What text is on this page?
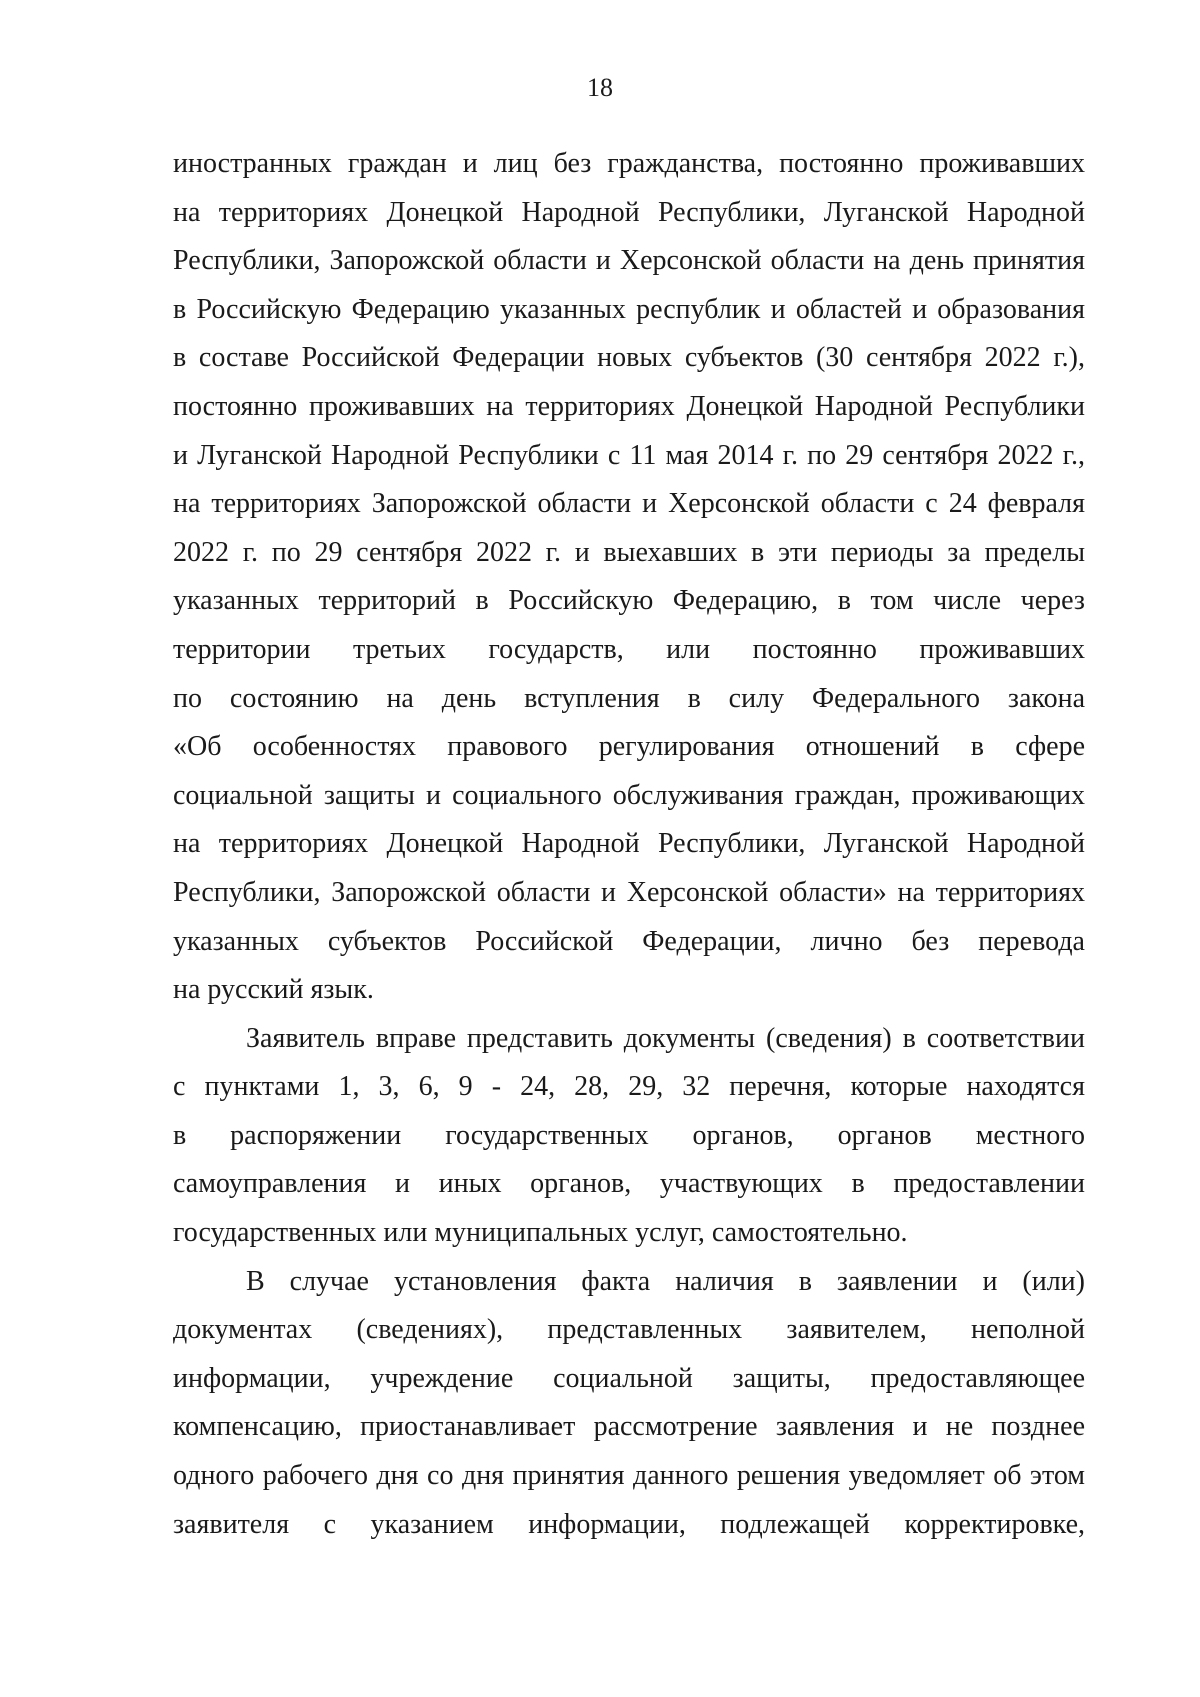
18
иностранных граждан и лиц без гражданства, постоянно проживавших
на территориях Донецкой Народной Республики, Луганской Народной
Республики, Запорожской области и Херсонской области на день принятия
в Российскую Федерацию указанных республик и областей и образования
в составе Российской Федерации новых субъектов (30 сентября 2022 г.),
постоянно проживавших на территориях Донецкой Народной Республики
и Луганской Народной Республики с 11 мая 2014 г. по 29 сентября 2022 г.,
на территориях Запорожской области и Херсонской области с 24 февраля
2022 г. по 29 сентября 2022 г. и выехавших в эти периоды за пределы
указанных территорий в Российскую Федерацию, в том числе через
территории третьих государств, или постоянно проживавших
по состоянию на день вступления в силу Федерального закона
«Об особенностях правового регулирования отношений в сфере
социальной защиты и социального обслуживания граждан, проживающих
на территориях Донецкой Народной Республики, Луганской Народной
Республики, Запорожской области и Херсонской области» на территориях
указанных субъектов Российской Федерации, лично без перевода
на русский язык.
Заявитель вправе представить документы (сведения) в соответствии
с пунктами 1, 3, 6, 9 - 24, 28, 29, 32 перечня, которые находятся
в распоряжении государственных органов, органов местного
самоуправления и иных органов, участвующих в предоставлении
государственных или муниципальных услуг, самостоятельно.
В случае установления факта наличия в заявлении и (или)
документах (сведениях), представленных заявителем, неполной
информации, учреждение социальной защиты, предоставляющее
компенсацию, приостанавливает рассмотрение заявления и не позднее
одного рабочего дня со дня принятия данного решения уведомляет об этом
заявителя с указанием информации, подлежащей корректировке,
